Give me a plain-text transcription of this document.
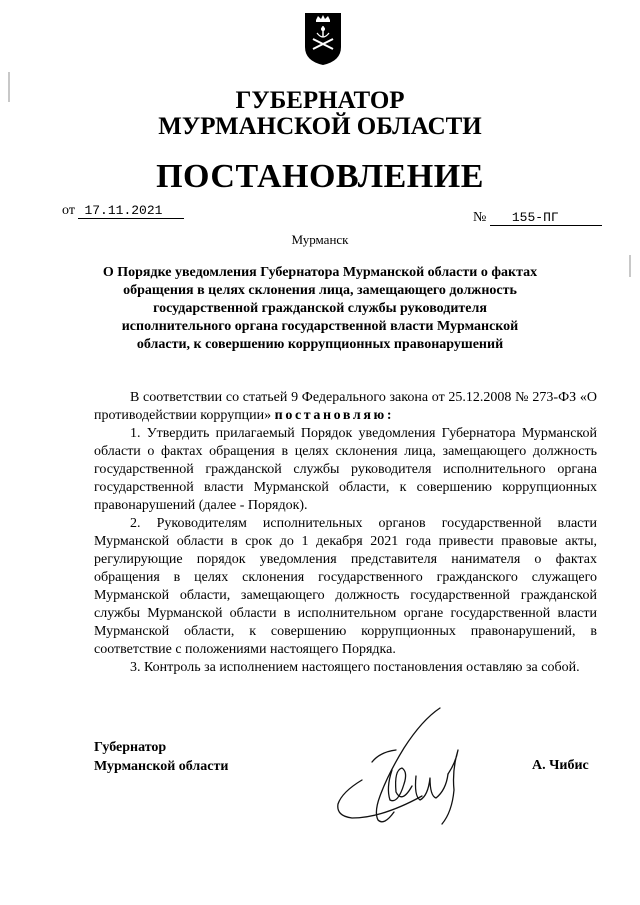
ГУБЕРНАТОР
МУРМАНСКОЙ ОБЛАСТИ
ПОСТАНОВЛЕНИЕ
от 17.11.2021	№ 155-ПГ
Мурманск
О Порядке уведомления Губернатора Мурманской области о фактах обращения в целях склонения лица, замещающего должность государственной гражданской службы руководителя исполнительного органа государственной власти Мурманской области, к совершению коррупционных правонарушений

В соответствии со статьей 9 Федерального закона от 25.12.2008 № 273-ФЗ «О противодействии коррупции» постановляю:

1. Утвердить прилагаемый Порядок уведомления Губернатора Мурманской области о фактах обращения в целях склонения лица, замещающего должность государственной гражданской службы руководителя исполнительного органа государственной власти Мурманской области, к совершению коррупционных правонарушений (далее - Порядок).

2. Руководителям исполнительных органов государственной власти Мурманской области в срок до 1 декабря 2021 года привести правовые акты, регулирующие порядок уведомления представителя нанимателя о фактах обращения в целях склонения государственного гражданского служащего Мурманской области, замещающего должность государственной гражданской службы Мурманской области в исполнительном органе государственной власти Мурманской области, к совершению коррупционных правонарушений, в соответствие с положениями настоящего Порядка.

3. Контроль за исполнением настоящего постановления оставляю за собой.

Губернатор
Мурманской области	А. Чибис
